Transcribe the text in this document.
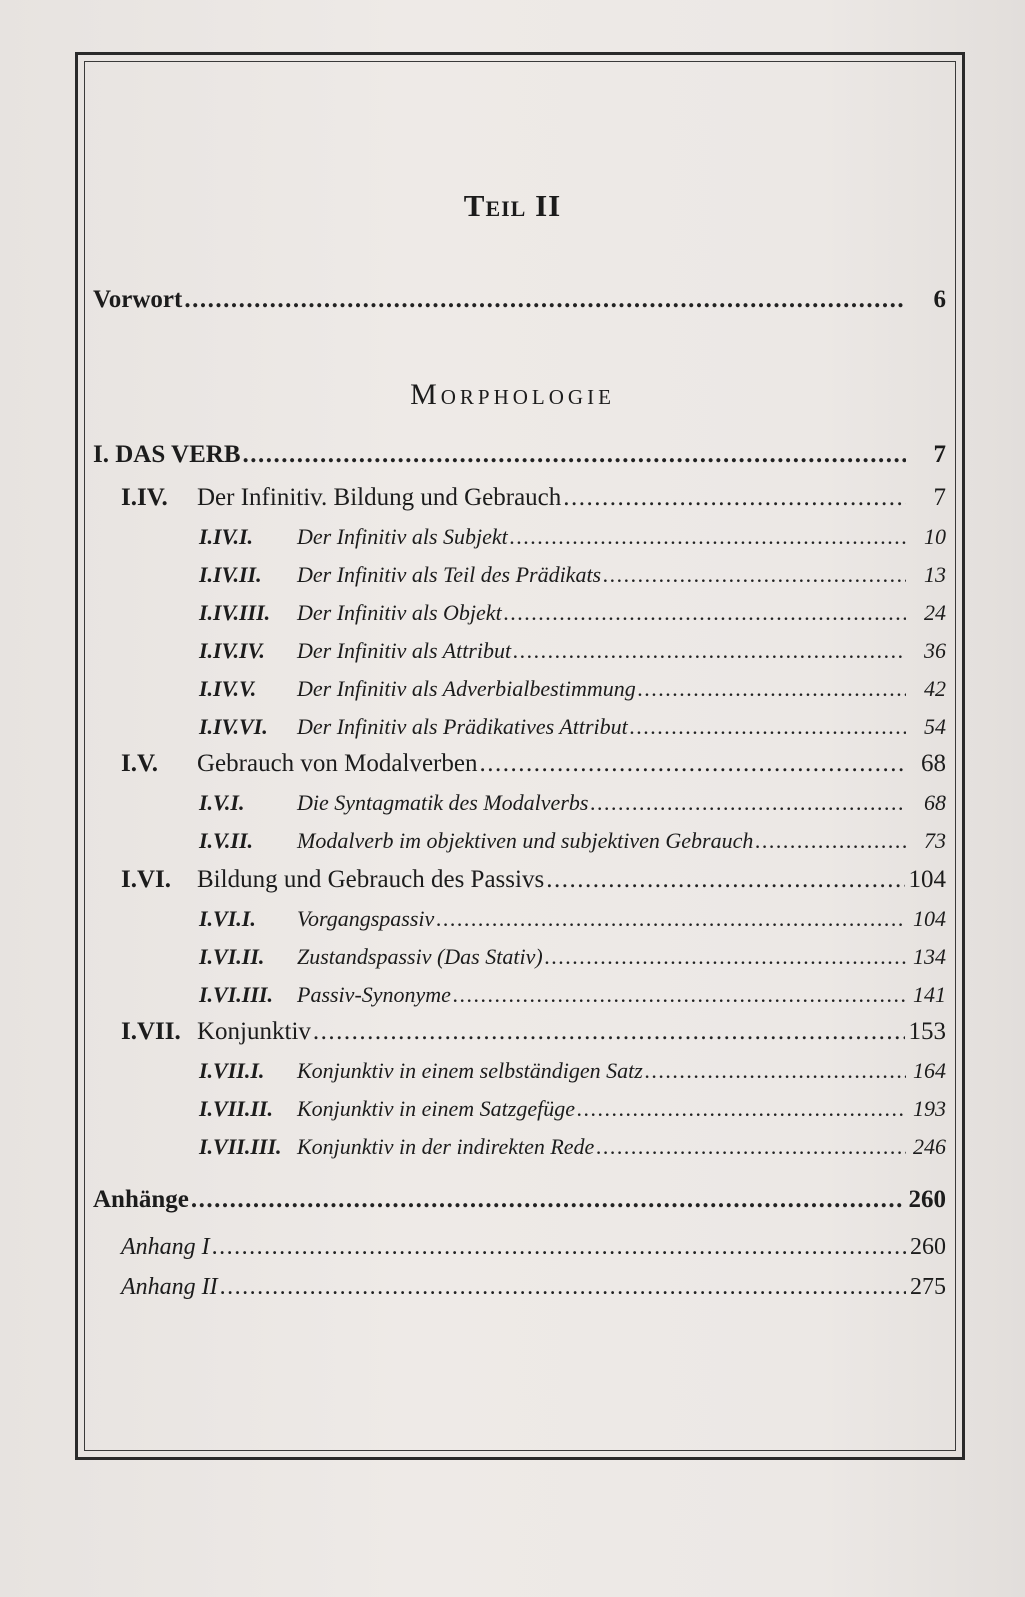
Teil II
Vorwort .....	6
Morphologie
I. DAS VERB .....	7
I.IV.	Der Infinitiv. Bildung und Gebrauch .....	7
I.IV.I.	Der Infinitiv als Subjekt .....	10
I.IV.II.	Der Infinitiv als Teil des Prädikats .....	13
I.IV.III.	Der Infinitiv als Objekt .....	24
I.IV.IV.	Der Infinitiv als Attribut .....	36
I.IV.V.	Der Infinitiv als Adverbialbestimmung .....	42
I.IV.VI.	Der Infinitiv als Prädikatives Attribut .....	54
I.V.	Gebrauch von Modalverben .....	68
I.V.I.	Die Syntagmatik des Modalverbs .....	68
I.V.II.	Modalverb im objektiven und subjektiven Gebrauch .....	73
I.VI.	Bildung und Gebrauch des Passivs .....	104
I.VI.I.	Vorgangspassiv .....	104
I.VI.II.	Zustandspassiv (Das Stativ) .....	134
I.VI.III.	Passiv-Synonyme .....	141
I.VII. Konjunktiv .....	153
I.VII.I.	Konjunktiv in einem selbständigen Satz .....	164
I.VII.II.	Konjunktiv in einem Satzgefüge .....	193
I.VII.III. Konjunktiv in der indirekten Rede .....	246
Anhänge .....	260
Anhang I .....	260
Anhang II .....	275
